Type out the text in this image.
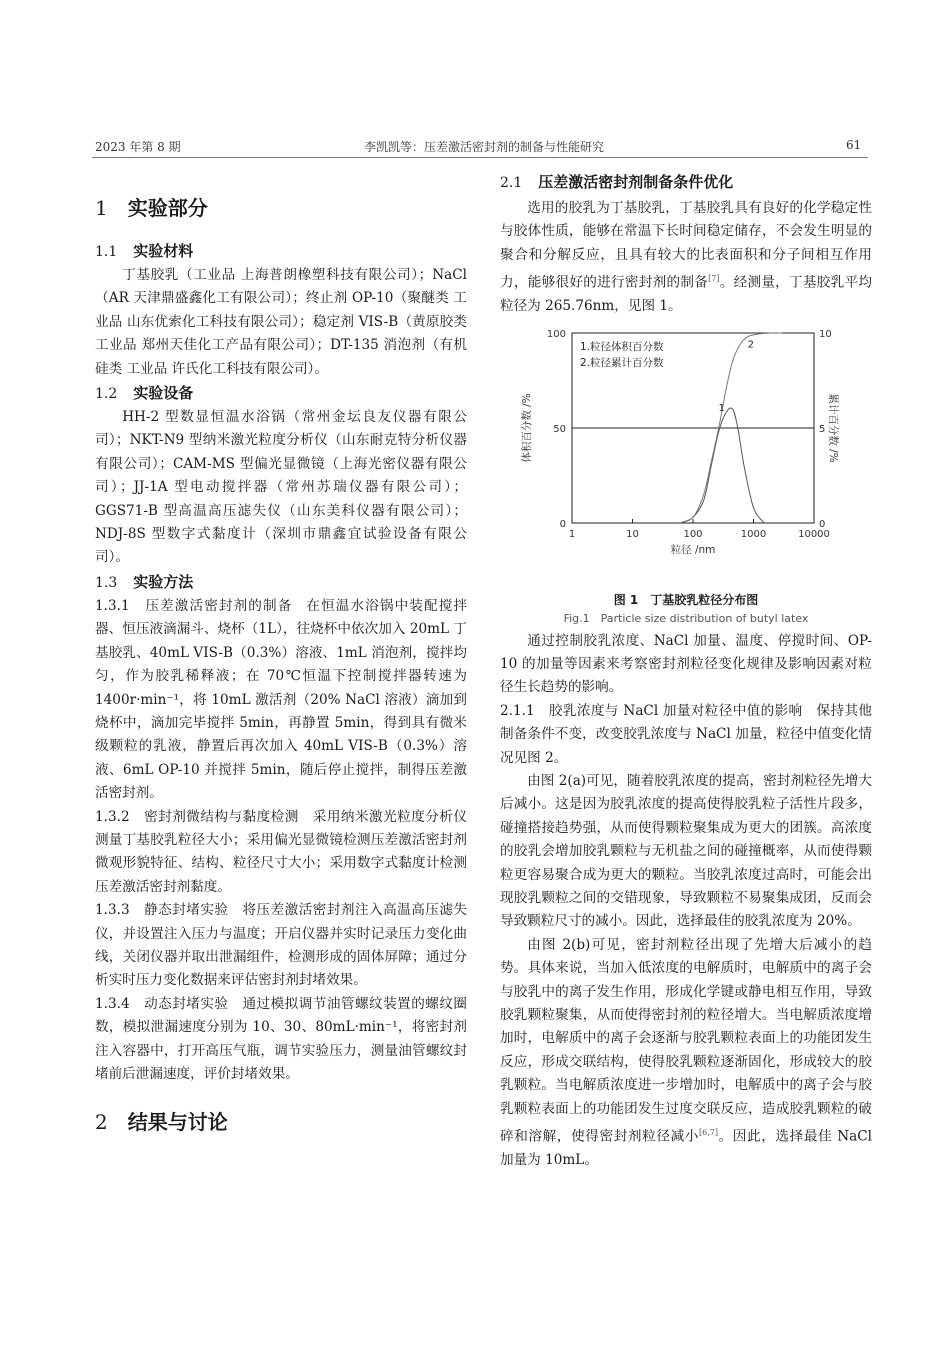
2023 年第 8 期	李凯凯等：压差激活密封剂的制备与性能研究	61
1 实验部分
1.1 实验材料

丁基胶乳（工业品 上海普朗橡塑科技有限公司）；NaCl（AR 天津鼎盛鑫化工有限公司）；终止剂 OP-10（聚醚类 工业品 山东优索化工科技有限公司）；稳定剂 VIS-B（黄原胶类 工业品 郑州天佳化工产品有限公司）；DT-135 消泡剂（有机硅类 工业品 许氏化工科技有限公司）。

1.2 实验设备

HH-2 型数显恒温水浴锅（常州金坛良友仪器有限公司）；NKT-N9 型纳米激光粒度分析仪（山东耐克特分析仪器有限公司）；CAM-MS 型偏光显微镜（上海光密仪器有限公司）；JJ-1A 型电动搅拌器（常州苏瑞仪器有限公司）；GGS71-B 型高温高压滤失仪（山东美科仪器有限公司）；NDJ-8S 型数字式黏度计（深圳市鼎鑫宜试验设备有限公司）。

1.3 实验方法

1.3.1　压差激活密封剂的制备 在恒温水浴锅中装配搅拌器、恒压液滴漏斗、烧杯（1L），往烧杯中依次加入 20mL 丁基胶乳、40mL VIS-B（0.3%）溶液、1mL 消泡剂，搅拌均匀，作为胶乳稀释液；在 70℃恒温下控制搅拌器转速为 1400r·min⁻¹，将 10mL 激活剂（20% NaCl 溶液）滴加到烧杯中，滴加完毕搅拌 5min，再静置 5min，得到具有微米级颗粒的乳液，静置后再次加入 40mL VIS-B（0.3%）溶液、6mL OP-10 并搅拌 5min，随后停止搅拌，制得压差激活密封剂。

1.3.2　密封剂微结构与黏度检测 采用纳米激光粒度分析仪测量丁基胶乳粒径大小；采用偏光显微镜检测压差激活密封剂微观形貌特征、结构、粒径尺寸大小；采用数字式黏度计检测压差激活密封剂黏度。

1.3.3　静态封堵实验 将压差激活密封剂注入高温高压滤失仪，并设置注入压力与温度；开启仪器并实时记录压力变化曲线，关闭仪器并取出泄漏组件，检测形成的固体屏障；通过分析实时压力变化数据来评估密封剂封堵效果。

1.3.4　动态封堵实验 通过模拟调节油管螺纹装置的螺纹圈数，模拟泄漏速度分别为 10、30、80mL·min⁻¹，将密封剂注入容器中，打开高压气瓶，调节实验压力，测量油管螺纹封堵前后泄漏速度，评价封堵效果。

2 结果与讨论
2.1 压差激活密封剂制备条件优化

选用的胶乳为丁基胶乳，丁基胶乳具有良好的化学稳定性与胶体性质，能够在常温下长时间稳定储存，不会发生明显的聚合和分解反应，且具有较大的比表面积和分子间相互作用力，能够很好的进行密封剂的制备[7]。经测量，丁基胶乳平均粒径为 265.76nm，见图 1。

1	10	100	1000	10000
0
50
100
0
5
10
粒径 /nm
体积百分数 /%	累计百分数 /%
1.粒径体积百分数
2.粒径累计百分数
1
2

图 1　丁基胶乳粒径分布图

Fig.1　Particle size distribution of butyl latex

通过控制胶乳浓度、NaCl 加量、温度、停搅时间、OP-10 的加量等因素来考察密封剂粒径变化规律及影响因素对粒径生长趋势的影响。

2.1.1　胶乳浓度与 NaCl 加量对粒径中值的影响 保持其他制备条件不变，改变胶乳浓度与 NaCl 加量，粒径中值变化情况见图 2。

由图 2(a)可见，随着胶乳浓度的提高，密封剂粒径先增大后减小。这是因为胶乳浓度的提高使得胶乳粒子活性片段多，碰撞搭接趋势强，从而使得颗粒聚集成为更大的团簇。高浓度的胶乳会增加胶乳颗粒与无机盐之间的碰撞概率，从而使得颗粒更容易聚合成为更大的颗粒。当胶乳浓度过高时，可能会出现胶乳颗粒之间的交错现象，导致颗粒不易聚集成团，反而会导致颗粒尺寸的减小。因此，选择最佳的胶乳浓度为 20%。

由图 2(b)可见，密封剂粒径出现了先增大后减小的趋势。具体来说，当加入低浓度的电解质时，电解质中的离子会与胶乳中的离子发生作用，形成化学键或静电相互作用，导致胶乳颗粒聚集，从而使得密封剂的粒径增大。当电解质浓度增加时，电解质中的离子会逐渐与胶乳颗粒表面上的功能团发生反应，形成交联结构，使得胶乳颗粒逐渐固化，形成较大的胶乳颗粒。当电解质浓度进一步增加时，电解质中的离子会与胶乳颗粒表面上的功能团发生过度交联反应，造成胶乳颗粒的破碎和溶解，使得密封剂粒径减小[6,7]。因此，选择最佳 NaCl 加量为 10mL。
